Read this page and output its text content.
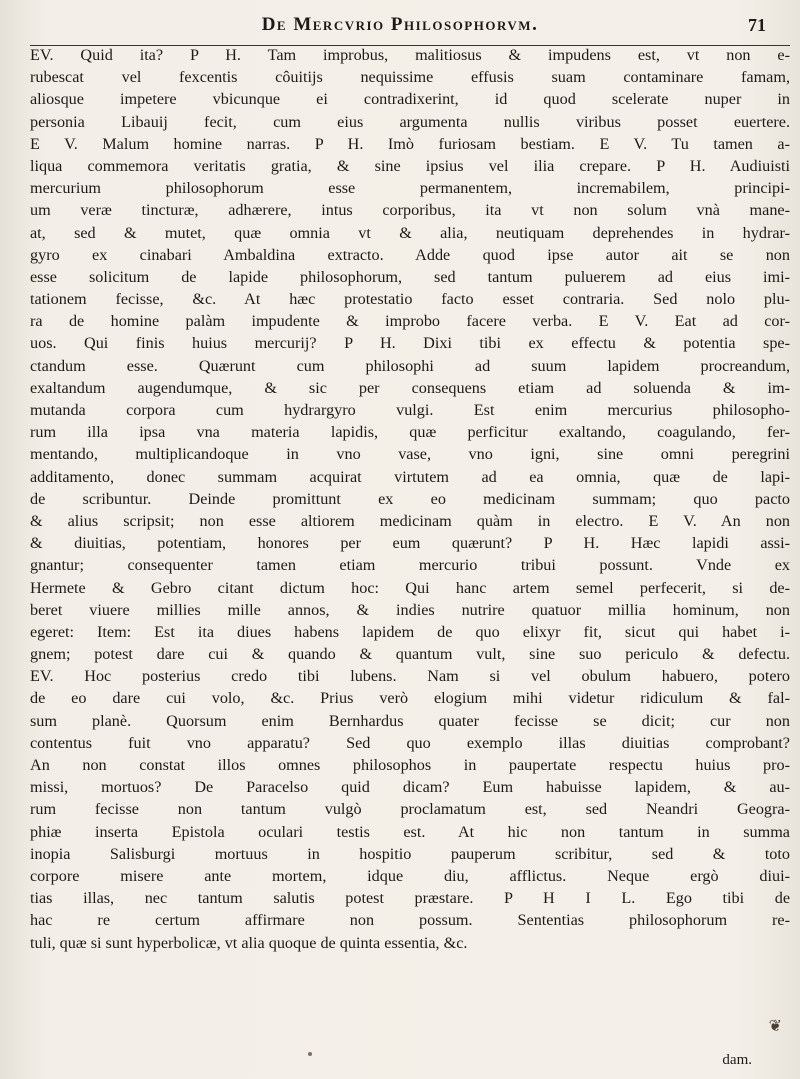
De Mercvrio Philosophorvm.	71
EV. Quid ita? P H. Tam improbus, malitiosus & impudens est, vt non e-
rubescat vel fexcentis côuitijs nequissime effusis suam contaminare famam,
aliosque impetere vbicunque ei contradixerint, id quod scelerate nuper in
personia Libauij fecit, cum eius argumenta nullis viribus posset euertere.
E V. Malum homine narras. P H. Imò furiosam bestiam. E V. Tu tamen a-
liqua commemora veritatis gratia, & sine ipsius vel ilia crepare. P H. Audiuisti
mercurium philosophorum esse permanentem, incremabilem, principi-
um veræ tincturæ, adhærere, intus corporibus, ita vt non solum vnà mane-
at, sed & mutet, quæ omnia vt & alia, neutiquam deprehendes in hydrar-
gyro ex cinabari Ambaldina extracto. Adde quod ipse autor ait se non
esse solicitum de lapide philosophorum, sed tantum puluerem ad eius imi-
tationem fecisse, &c. At hæc protestatio facto esset contraria. Sed nolo plu-
ra de homine palàm impudente & improbo facere verba. E V. Eat ad cor-
uos. Qui finis huius mercurij? P H. Dixi tibi ex effectu & potentia spe-
ctandum esse. Quærunt cum philosophi ad suum lapidem procreandum,
exaltandum augendumque, & sic per consequens etiam ad soluenda & im-
mutanda corpora cum hydrargyro vulgi. Est enim mercurius philosopho-
rum illa ipsa vna materia lapidis, quæ perficitur exaltando, coagulando, fer-
mentando, multiplicandoque in vno vase, vno igni, sine omni peregrini
additamento, donec summam acquirat virtutem ad ea omnia, quæ de lapi-
de scribuntur. Deinde promittunt ex eo medicinam summam; quo pacto
& alius scripsit; non esse altiorem medicinam quàm in electro. E V. An non
& diuitias, potentiam, honores per eum quærunt? P H. Hæc lapidi assi-
gnantur; consequenter tamen etiam mercurio tribui possunt. Vnde ex
Hermete & Gebro citant dictum hoc: Qui hanc artem semel perfecerit, si de-
beret viuere millies mille annos, & indies nutrire quatuor millia hominum, non
egeret: Item: Est ita diues habens lapidem de quo elixyr fit, sicut qui habet i-
gnem; potest dare cui & quando & quantum vult, sine suo periculo & defectu.
EV. Hoc posterius credo tibi lubens. Nam si vel obulum habuero, potero
de eo dare cui volo, &c. Prius verò elogium mihi videtur ridiculum & fal-
sum planè. Quorsum enim Bernhardus quater fecisse se dicit; cur non
contentus fuit vno apparatu? Sed quo exemplo illas diuitias comprobant?
An non constat illos omnes philosophos in paupertate respectu huius pro-
missi, mortuos? De Paracelso quid dicam? Eum habuisse lapidem, & au-
rum fecisse non tantum vulgò proclamatum est, sed Neandri Geogra-
phiæ inserta Epistola oculari testis est. At hic non tantum in summa
inopia Salisburgi mortuus in hospitio pauperum scribitur, sed & toto
corpore misere ante mortem, idque diu, afflictus. Neque ergò diui-
tias illas, nec tantum salutis potest præstare. P H I L. Ego tibi de
hac re certum affirmare non possum. Sententias philosophorum re-
tuli, quæ si sunt hyperbolicæ, vt alia quoque de quinta essentia, &c.
❦
dam.
